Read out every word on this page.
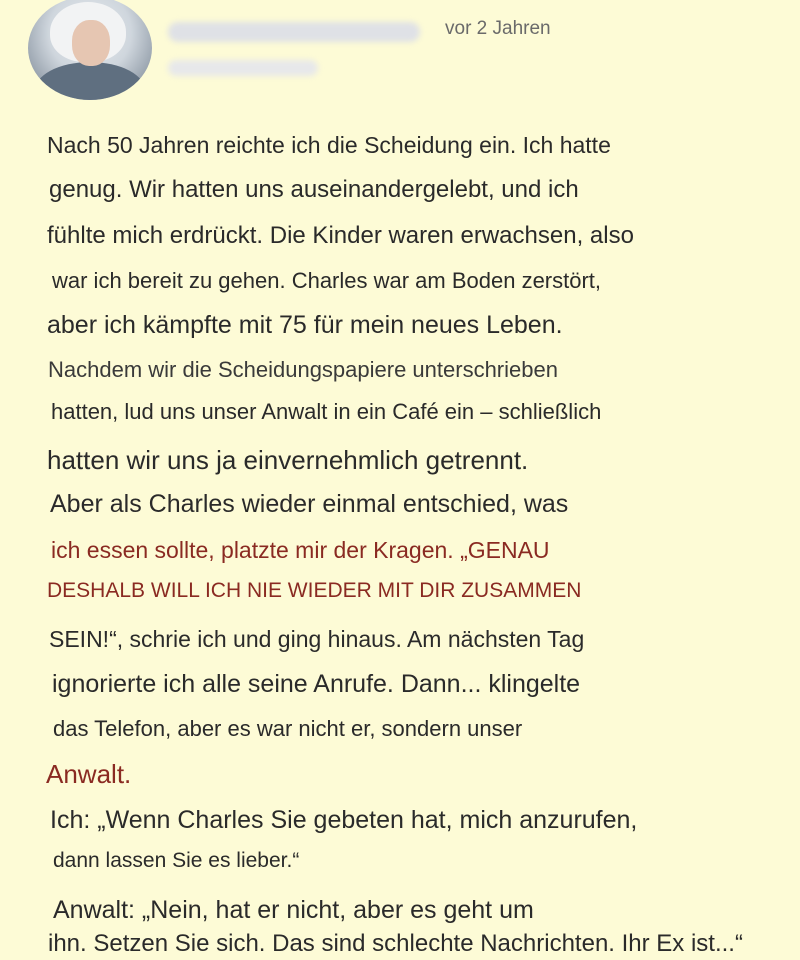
vor 2 Jahren
Nach 50 Jahren reichte ich die Scheidung ein. Ich hatte
genug. Wir hatten uns auseinandergelebt, und ich
fühlte mich erdrückt. Die Kinder waren erwachsen, also
war ich bereit zu gehen. Charles war am Boden zerstört,
aber ich kämpfte mit 75 für mein neues Leben.
Nachdem wir die Scheidungspapiere unterschrieben
hatten, lud uns unser Anwalt in ein Café ein – schließlich
hatten wir uns ja einvernehmlich getrennt.
Aber als Charles wieder einmal entschied, was
ich essen sollte, platzte mir der Kragen. „GENAU
DESHALB WILL ICH NIE WIEDER MIT DIR ZUSAMMEN
SEIN!“, schrie ich und ging hinaus. Am nächsten Tag
ignorierte ich alle seine Anrufe. Dann... klingelte
das Telefon, aber es war nicht er, sondern unser
Anwalt.
Ich: „Wenn Charles Sie gebeten hat, mich anzurufen,
dann lassen Sie es lieber.“
Anwalt: „Nein, hat er nicht, aber es geht um
ihn. Setzen Sie sich. Das sind schlechte Nachrichten. Ihr Ex ist...“
